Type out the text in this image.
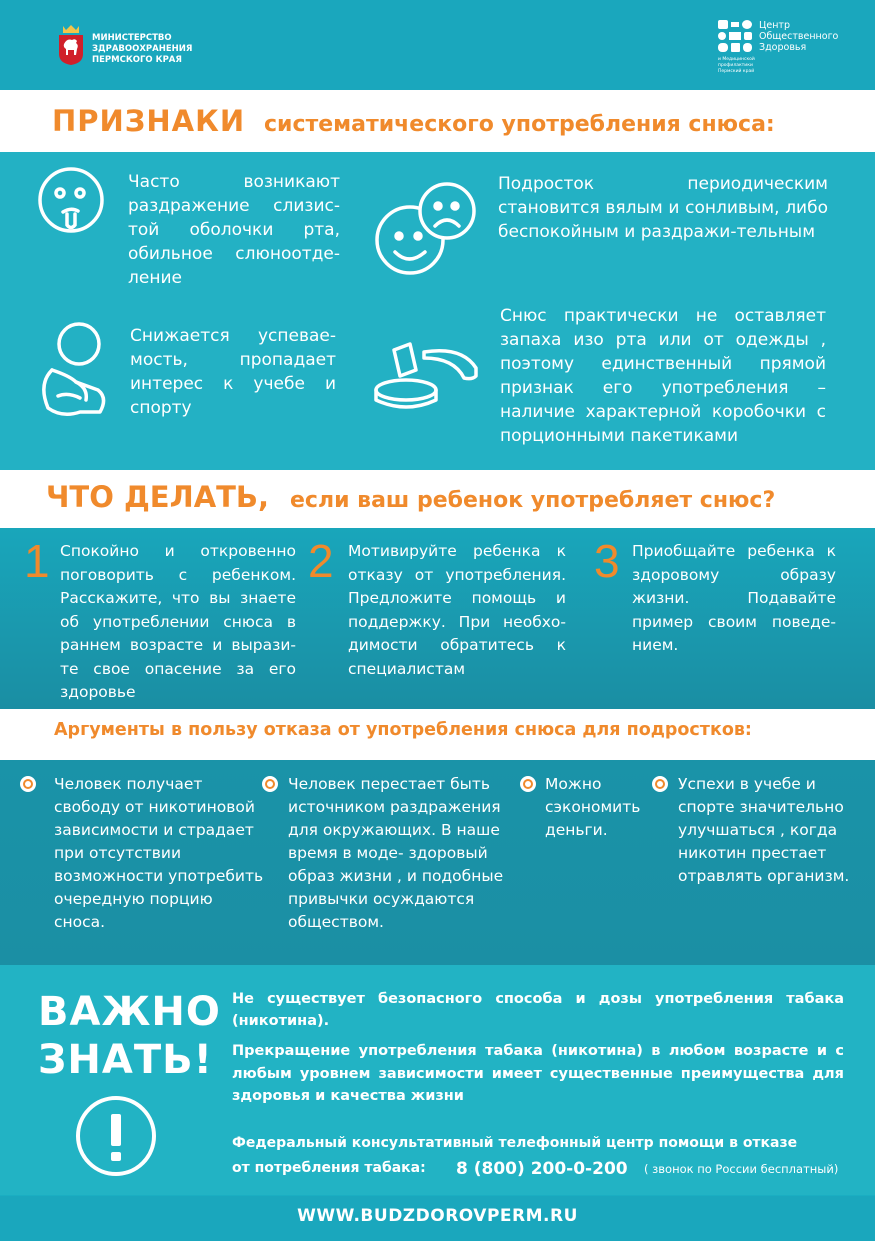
МИНИСТЕРСТВО
ЗДРАВООХРАНЕНИЯ
ПЕРМСКОГО КРАЯ
Центр
Общественного
Здоровья
и Медицинской профилактики
Пермский край
ПРИЗНАКИ систематического употребления снюса:
Часто возникают раздражение слизис-той оболочки рта, обильное слюноотде-ление
Подросток периодическим становится вялым и сонливым, либо беспокойным и раздражи-тельным
Снижается успевае-мость, пропадает интерес к учебе и спорту
Снюс практически не оставляет запаха изо рта или от одежды , поэтому единственный прямой признак его употребления –наличие характерной коробочки с порционными пакетиками
ЧТО ДЕЛАТЬ, если ваш ребенок употребляет снюс?
1 Спокойно и откровенно поговорить с ребенком. Расскажите, что вы знаете об употреблении снюса в раннем возрасте и вырази-те свое опасение за его здоровье
2 Мотивируйте ребенка к отказу от употребления. Предложите помощь и поддержку. При необхо-димости обратитесь к специалистам
3 Приобщайте ребенка к здоровому образу жизни. Подавайте пример своим поведе-нием.
Аргументы в пользу отказа от употребления снюса для подростков:
Человек получает свободу от никотиновой зависимости и страдает при отсутствии возможности употребить очередную порцию сноса.
Человек перестает быть источником раздражения для окружающих. В наше время в моде- здоровый образ жизни , и подобные привычки осуждаются обществом.
Можно сэкономить деньги.
Успехи в учебе и спорте значительно улучшаться , когда никотин престает отравлять организм.
ВАЖНО
ЗНАТЬ!
Не существует безопасного способа и дозы употребления табака (никотина).
Прекращение употребления табака (никотина) в любом возрасте и с любым уровнем зависимости имеет существенные преимущества для здоровья и качества жизни
Федеральный консультативный телефонный центр помощи в отказе
от потребления табака: 8 (800) 200-0-200 ( звонок по России бесплатный)
WWW.BUDZDOROVPERM.RU
